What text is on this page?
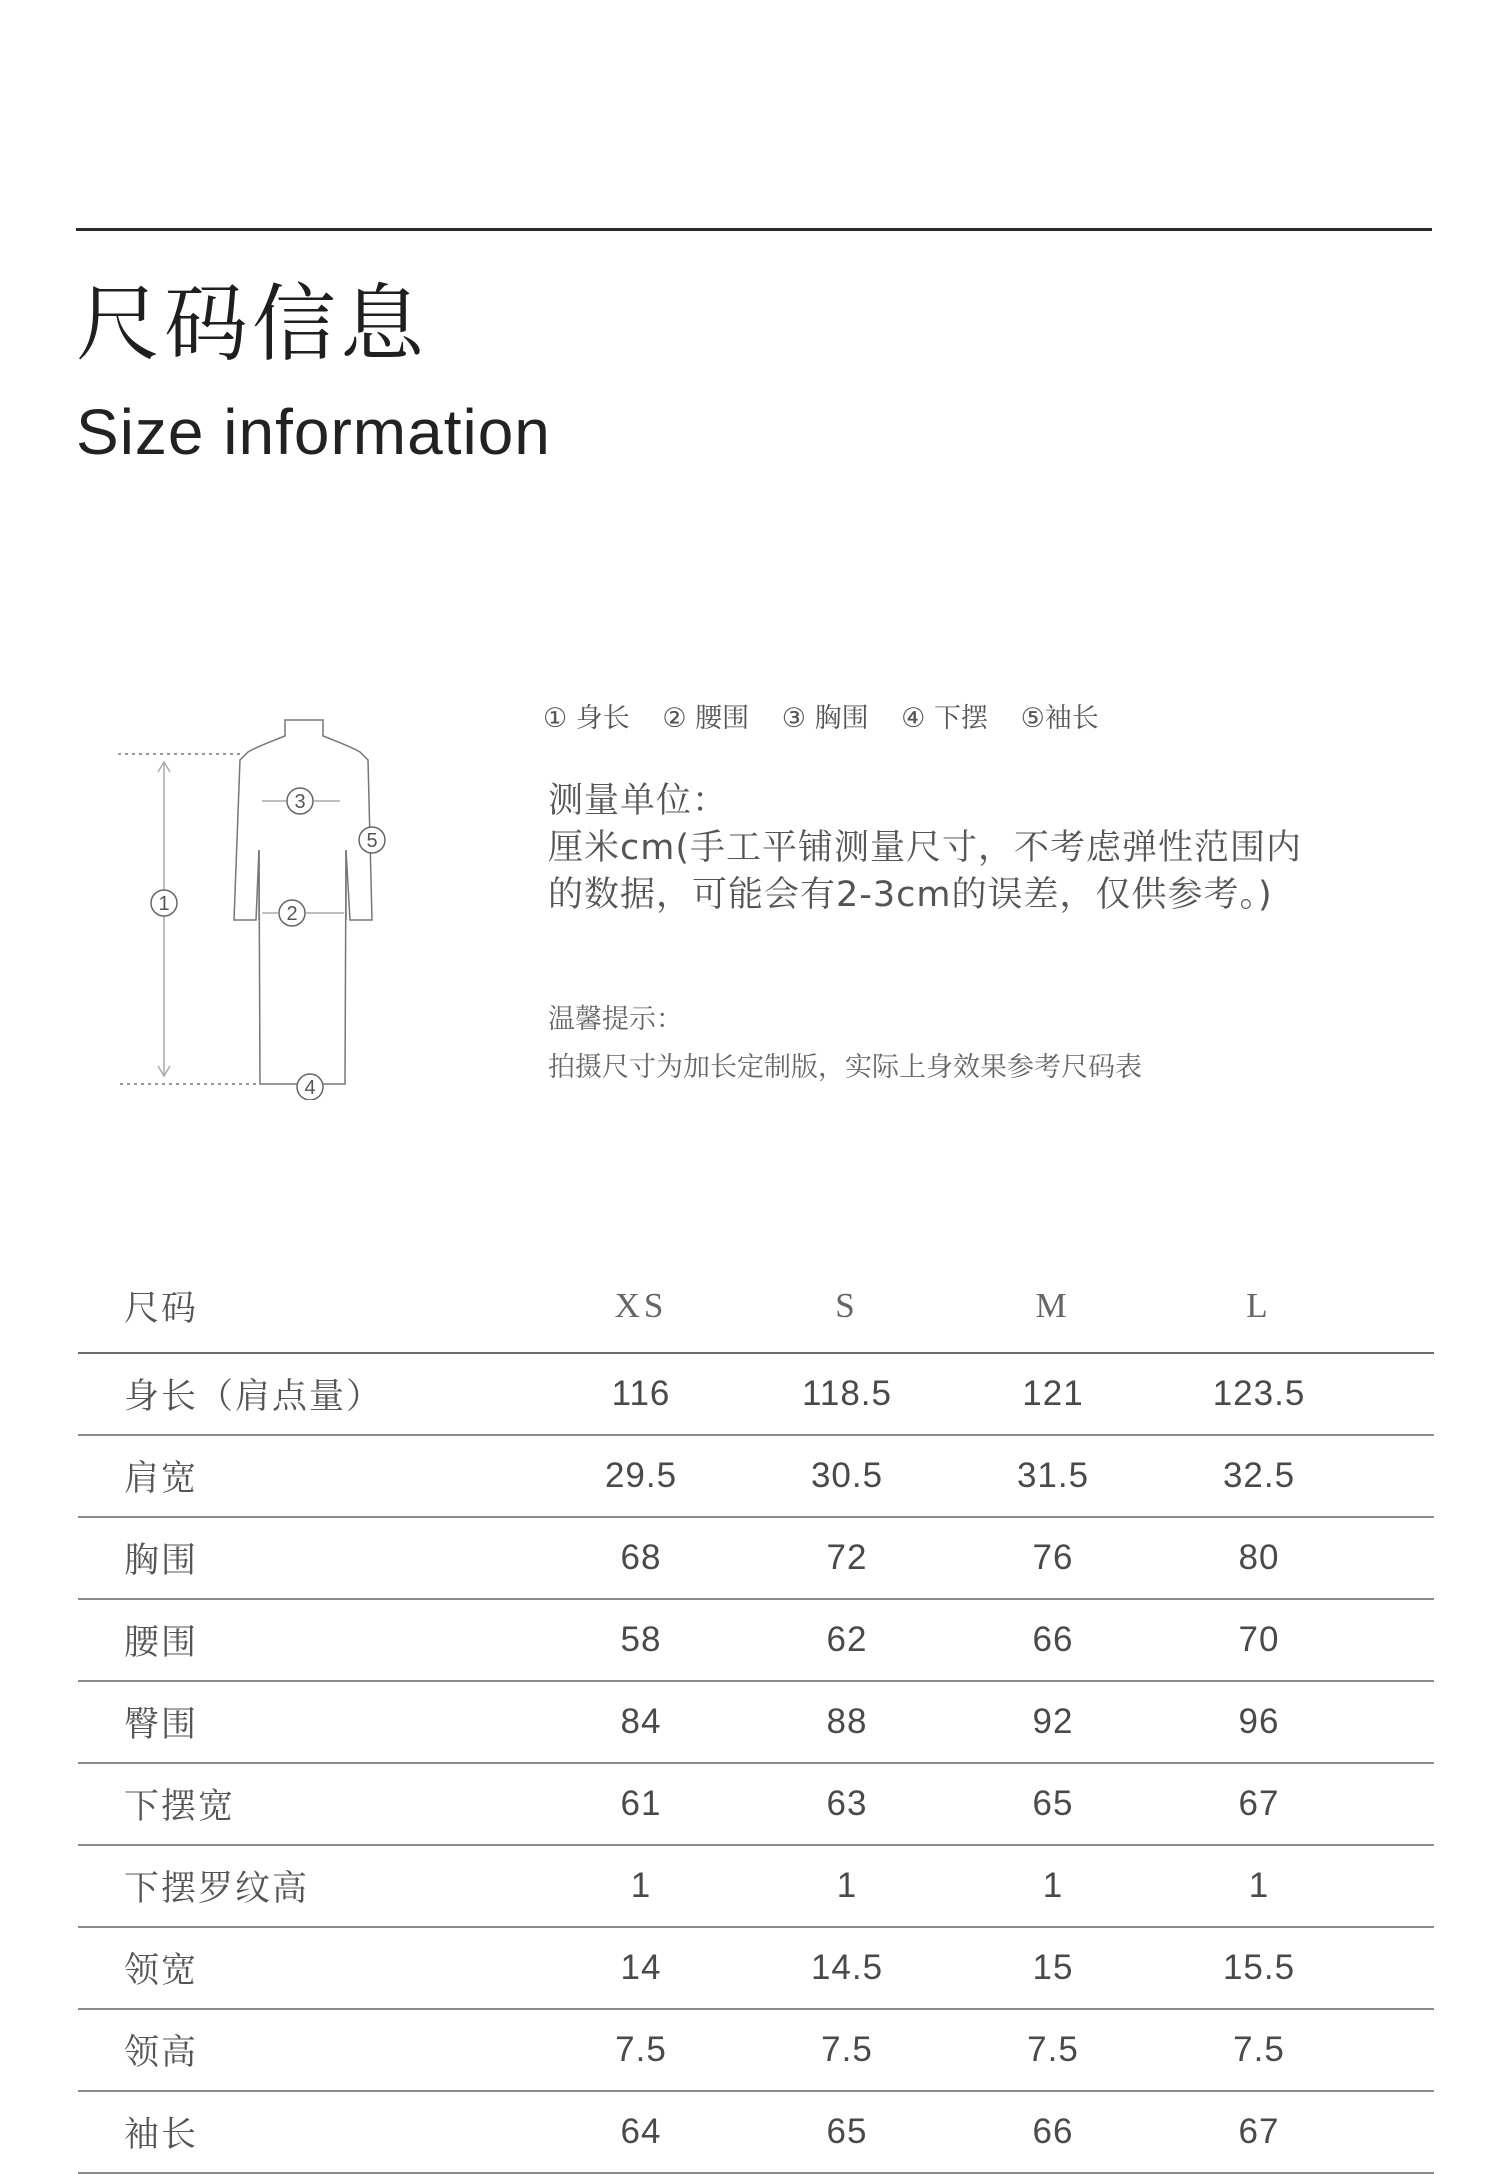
尺码信息
Size information
1	2
3
4
5
① 身长 ② 腰围 ③ 胸围 ④ 下摆 ⑤袖长
测量单位：
厘米cm(手工平铺测量尺寸，不考虑弹性范围内
的数据，可能会有2-3cm的误差，仅供参考。)
温馨提示：
拍摄尺寸为加长定制版，实际上身效果参考尺码表
尺码	XS	S	M	L
身长（肩点量）	116	118.5	121	123.5
肩宽	29.5	30.5	31.5	32.5
胸围	68	72	76	80
腰围	58	62	66	70
臀围	84	88	92	96
下摆宽	61	63	65	67
下摆罗纹高	1	1	1	1
领宽	14	14.5	15	15.5
领高	7.5	7.5	7.5	7.5
袖长	64	65	66	67
